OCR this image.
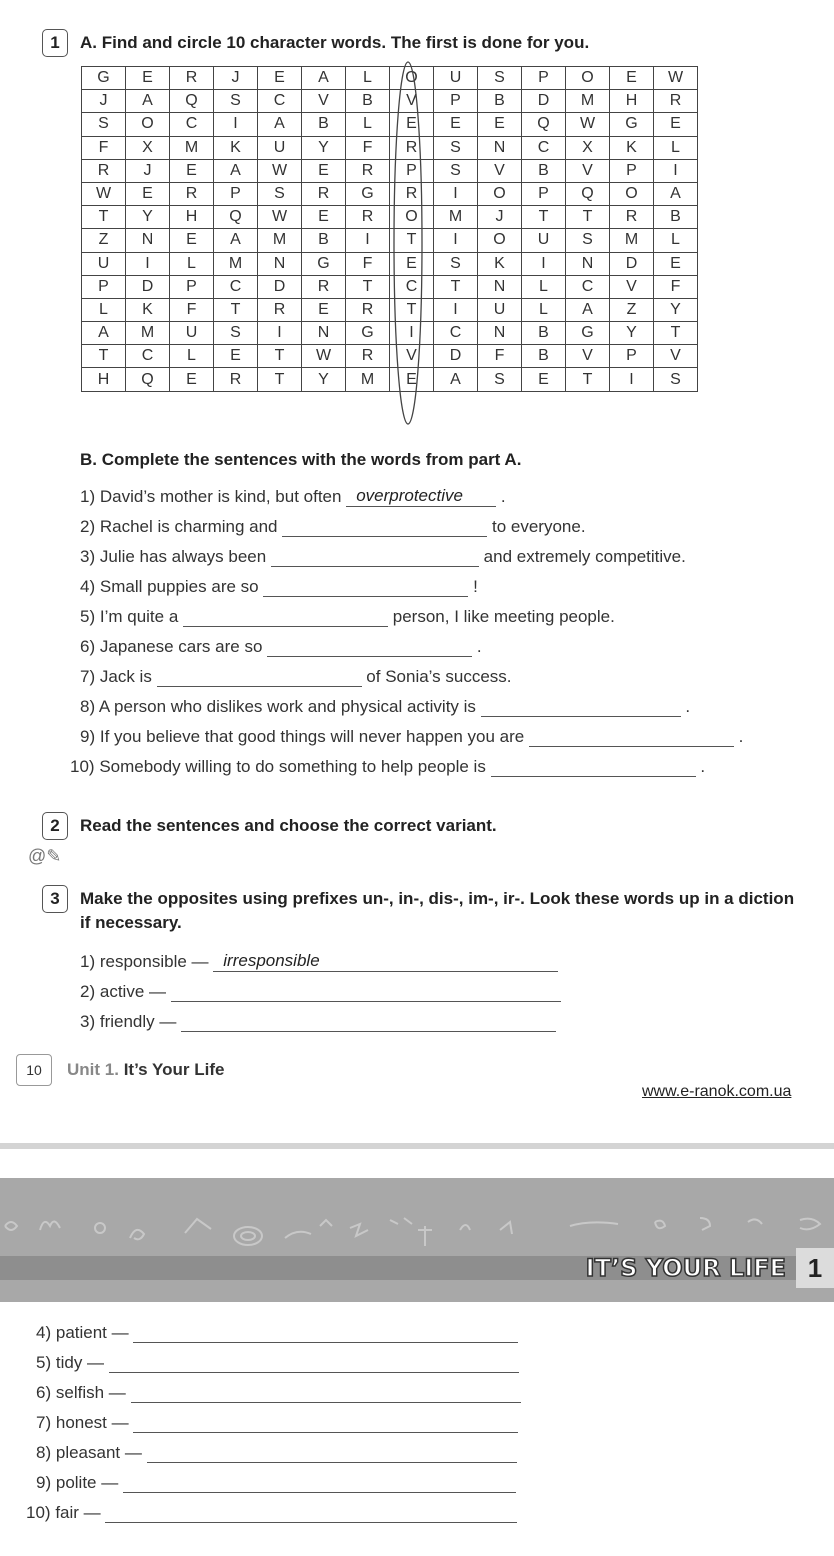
1	A. Find and circle 10 character words. The first is done for you.
G	E	R	J	E	A	L	O	U	S	P	O	E	W
J	A	Q	S	C	V	B	V	P	B	D	M	H	R
S	O	C	I	A	B	L	E	E	E	Q	W	G	E
F	X	M	K	U	Y	F	R	S	N	C	X	K	L
R	J	E	A	W	E	R	P	S	V	B	V	P	I
W	E	R	P	S	R	G	R	I	O	P	Q	O	A
T	Y	H	Q	W	E	R	O	M	J	T	T	R	B
Z	N	E	A	M	B	I	T	I	O	U	S	M	L
U	I	L	M	N	G	F	E	S	K	I	N	D	E
P	D	P	C	D	R	T	C	T	N	L	C	V	F
L	K	F	T	R	E	R	T	I	U	L	A	Z	Y
A	M	U	S	I	N	G	I	C	N	B	G	Y	T
T	C	L	E	T	W	R	V	D	F	B	V	P	V
H	Q	E	R	T	Y	M	E	A	S	E	T	I	S
B. Complete the sentences with the words from part A.
1) David’s mother is kind, but often overprotective .
2) Rachel is charming and	to everyone.
3) Julie has always been	and extremely competitive.
4) Small puppies are so	!
5) I’m quite a	person, I like meeting people.
6) Japanese cars are so	.
7) Jack is	of Sonia’s success.
8) A person who dislikes work and physical activity is	.
9) If you believe that good things will never happen you are	.
10) Somebody willing to do something to help people is	.
2	Read the sentences and choose the correct variant.
@✎
3	Make the opposites using prefixes un-, in-, dis-, im-, ir-. Look these words up in a diction
if necessary.
1) responsible — irresponsible
2) active —
3) friendly —
10	Unit 1. It’s Your Life
www.e-ranok.com.ua
IT’S YOUR LIFE 1
4) patient —
5) tidy —
6) selfish —
7) honest —
8) pleasant —
9) polite —
10) fair —
